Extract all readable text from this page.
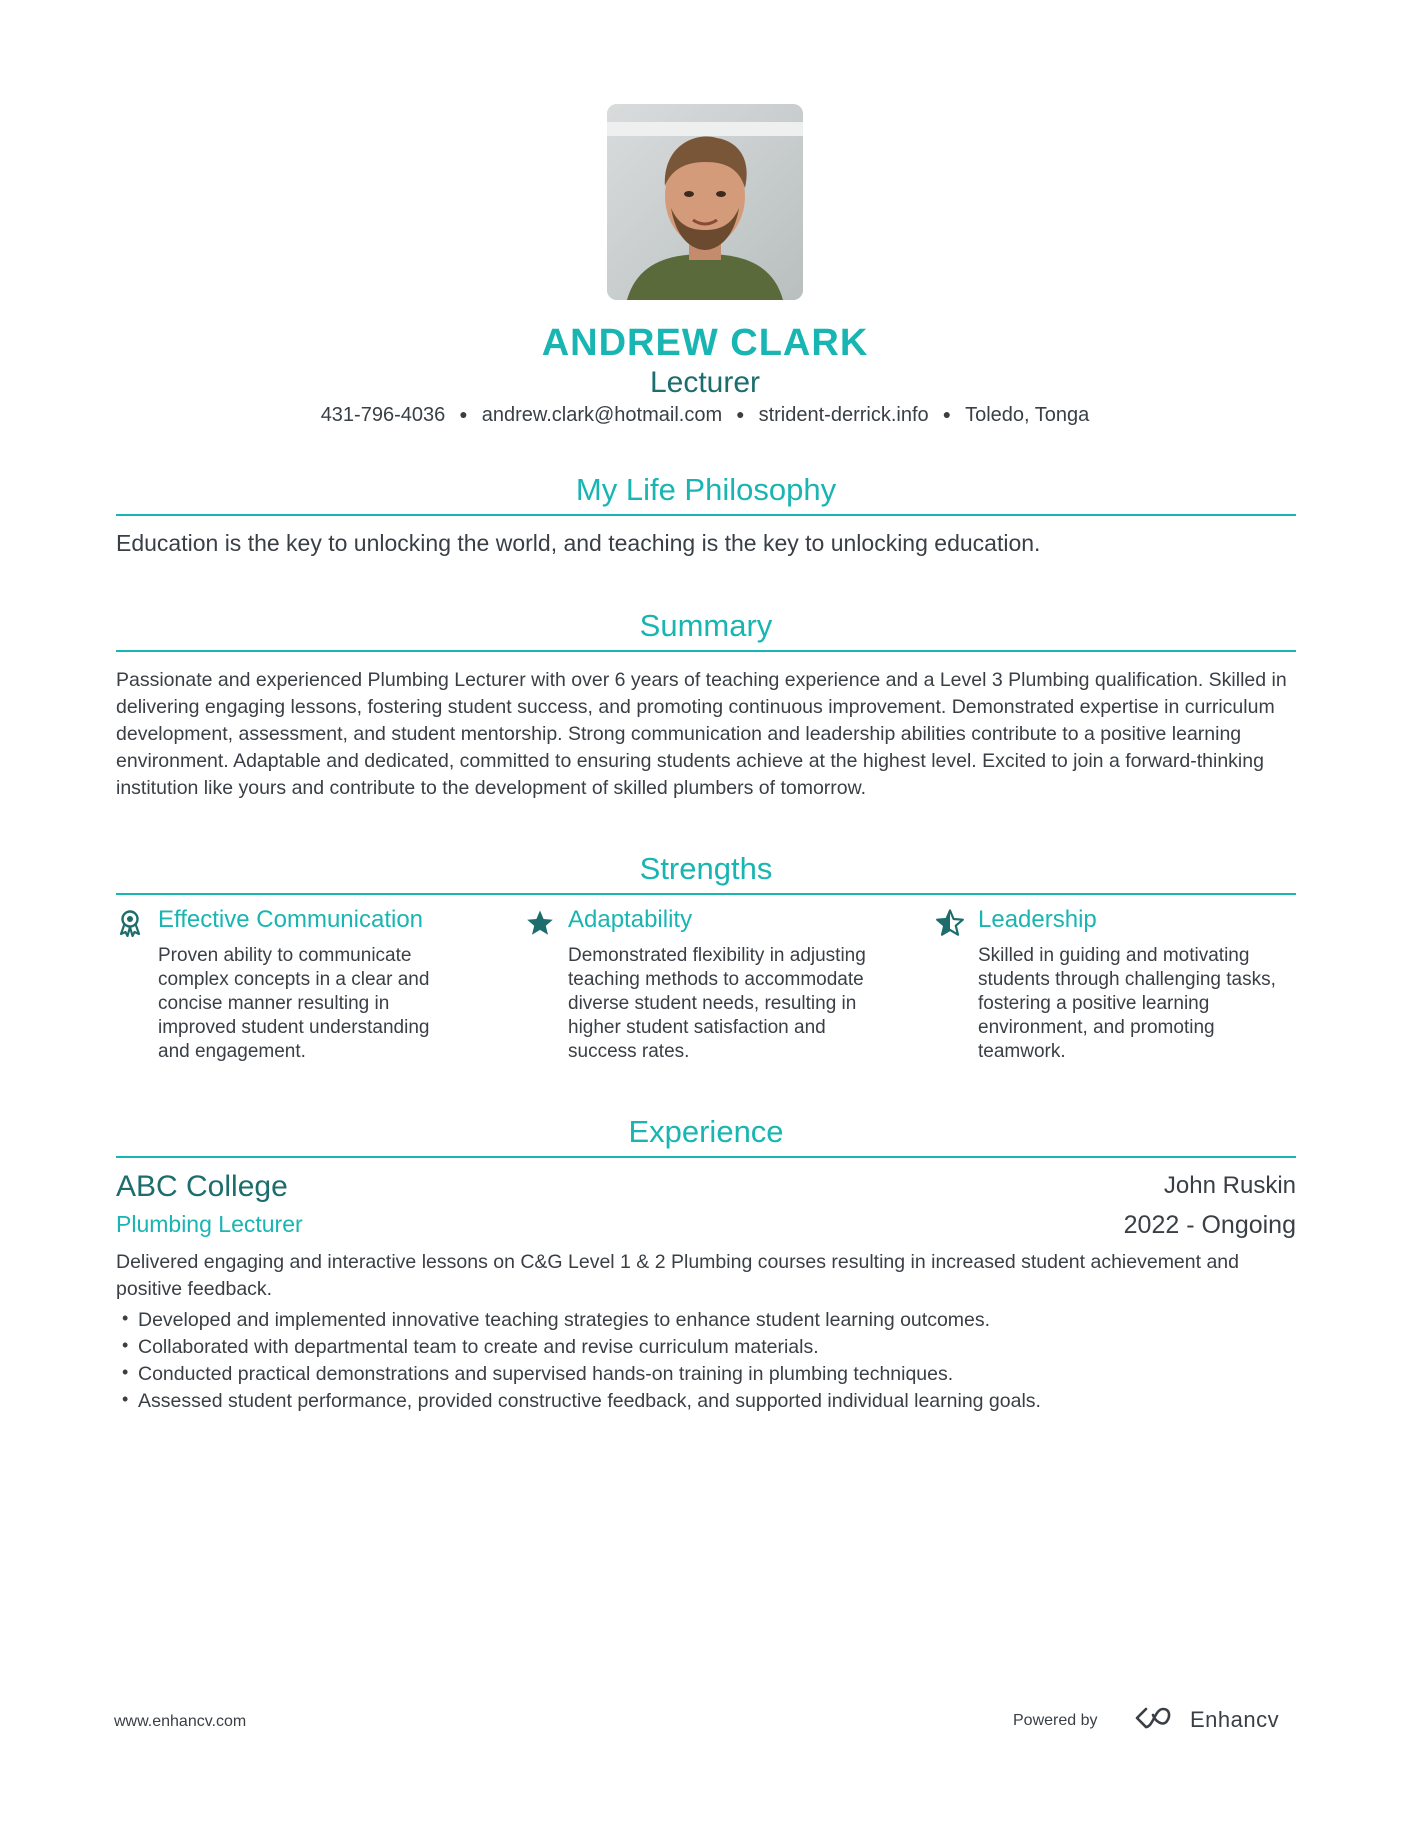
ANDREW CLARK
Lecturer
431-796-4036 ● andrew.clark@hotmail.com ● strident-derrick.info ● Toledo, Tonga
My Life Philosophy
Education is the key to unlocking the world, and teaching is the key to unlocking education.
Summary
Passionate and experienced Plumbing Lecturer with over 6 years of teaching experience and a Level 3 Plumbing qualification. Skilled in delivering engaging lessons, fostering student success, and promoting continuous improvement. Demonstrated expertise in curriculum development, assessment, and student mentorship. Strong communication and leadership abilities contribute to a positive learning environment. Adaptable and dedicated, committed to ensuring students achieve at the highest level. Excited to join a forward-thinking institution like yours and contribute to the development of skilled plumbers of tomorrow.
Strengths
Effective Communication
Proven ability to communicate complex concepts in a clear and concise manner resulting in improved student understanding and engagement.
Adaptability
Demonstrated flexibility in adjusting teaching methods to accommodate diverse student needs, resulting in higher student satisfaction and success rates.
Leadership
Skilled in guiding and motivating students through challenging tasks, fostering a positive learning environment, and promoting teamwork.
Experience
ABC College
Plumbing Lecturer
John Ruskin
2022 - Ongoing
Delivered engaging and interactive lessons on C&G Level 1 & 2 Plumbing courses resulting in increased student achievement and positive feedback.
• Developed and implemented innovative teaching strategies to enhance student learning outcomes.
• Collaborated with departmental team to create and revise curriculum materials.
• Conducted practical demonstrations and supervised hands-on training in plumbing techniques.
• Assessed student performance, provided constructive feedback, and supported individual learning goals.
www.enhancv.com	Powered by	Enhancv
